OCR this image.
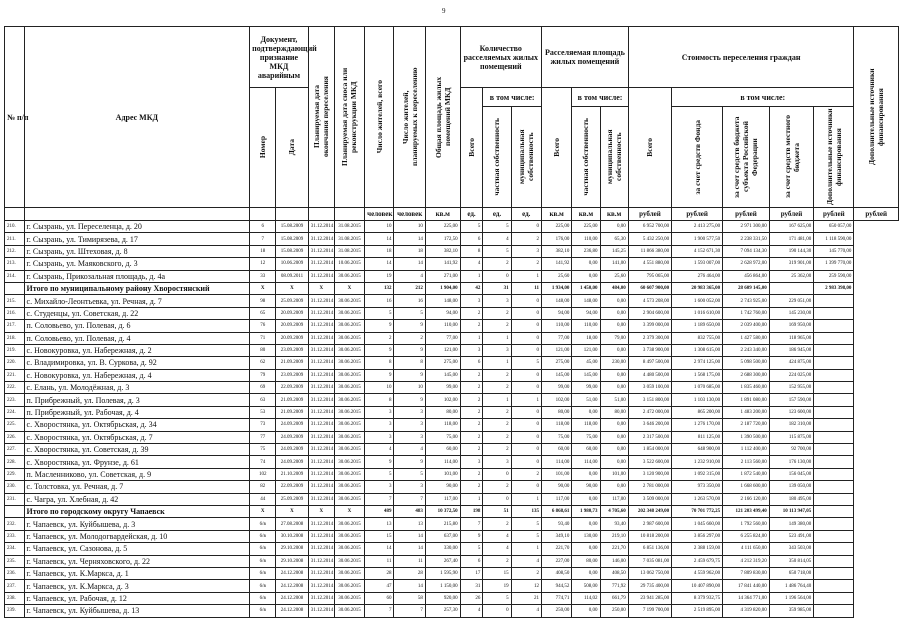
9
№ п/п	Адрес МКД	Документ, подтверждающий признание МКД аварийным		Планируемая дата окончания переселения	Планируемая дата сноса или реконструкции МКД	Число жителей, всего	Число жителей, планируемых к переселению	Общая площадь жилых помещений МКД	Количество расселяемых жилых помещений			Расселяемая площадь жилых помещений			Стоимость переселения граждан					Дополнительные источники финансирования

		Номер	Дата						Всего	в том числе:		Всего	в том числе:		Всего	в том числе:				

										частная собственность	муниципальная собственность		частная собственность	муниципальная собственность		за счет средств Фонда	за счет средств бюджета субъекта Российской Федерации	за счет средств местного бюджета	Дополнительные источники финансирования	

						человек	человек	кв.м	ед.	ед.	ед.	кв.м	кв.м	кв.м	рублей	рублей	рублей	рублей	рублей	рублей
210.	г. Сызрань, ул. Переселенца, д. 20	6	15.08.2009	31.12.2014	31.08.2015	10	10	225,00	5	5	0	225,00	225,00	0,00	6 952 700,00	2 413 275,00	2 971 300,00	167 625,00	650 057,00	
211.	г. Сызрань, ул. Тимирязева, д. 17	7	15.08.2009	31.12.2014	31.08.2015	14	14	172,50	6	4	2	176,00	110,00	65,30	5 432 250,00	1 900 577,50	2 238 331,50	171 481,00	1 118 590,00	
212.	г. Сызрань, ул. Штеховая, д. 8	18	15.08.2009	31.12.2014	31.08.2015	18	18	382,10	8	5	3	382,10	236,80	145,25	11 866 380,00	4 152 671,30	7 094 134,30	190 144,30	145 770,00	
213.	г. Сызрань, ул. Маяковского, д. 3	12	10.06.2009	31.12.2014	10.06.2015	14	14	141,92	4	2	2	141,92	0,00	141,00	4 551 880,00	1 593 007,00	2 628 972,00	319 901,00	1 399 770,00	
214.	г. Сызрань, Прикозальная площадь, д. 4а	33	08.09.2011	31.12.2014	30.06.2015	19	4	271,00	1	0	1	25,60	0,00	25,60	795 065,00	276 464,00	456 864,00	25 362,00	259 590,00	
	Итого по муниципальному району Хворостянский	X	X	X	X	132	212	1 904,00	42	31	11	1 934,00	1 450,00	484,00	60 607 900,00	20 983 365,00	28 609 145,00		2 983 398,00	
215.	с. Михайло-Леонтьевка, ул. Речная, д. 7	98	25.09.2009	31.12.2014	30.06.2015	16	16	148,00	3	3	0	148,00	148,00	0,00	4 573 208,00	1 600 052,00	2 743 925,00	229 051,00		
216.	с. Студенцы, ул. Советская, д. 22	65	20.09.2009	31.12.2014	30.06.2015	5	5	94,00	2	2	0	94,00	94,00	0,00	2 904 600,00	1 016 610,00	1 742 760,00	145 230,00		
217.	п. Соловьево, ул. Полевая, д. 6	76	20.09.2009	31.12.2014	30.06.2015	9	9	110,00	2	2	0	110,00	110,00	0,00	3 399 000,00	1 189 650,00	2 039 400,00	169 950,00		
218.	п. Соловьево, ул. Полевая, д. 4	71	20.09.2009	31.12.2014	30.06.2015	2	2	77,00	1	1	0	77,00	18,00	79,00	2 379 300,00	832 755,00	1 427 580,00	118 965,00		
219.	с. Новокуровка, ул. Набережная, д. 2	80	23.09.2009	31.12.2014	30.06.2015	9	9	121,00	3	3	0	121,00	121,00	0,00	3 738 900,00	1 308 615,00	2 243 340,00	186 945,00		
220.	с. Владимировка, ул. В. Сурковa, д. 92	62	21.09.2009	31.12.2014	30.06.2015	8	8	275,00	6	1	5	275,00	45,00	230,00	8 497 500,00	2 974 125,00	5 098 500,00	424 875,00		
221.	с. Новокуровка, ул. Набережная, д. 4	79	23.09.2009	31.12.2014	30.06.2015	9	9	145,00	2	2	0	145,00	145,00	0,00	4 480 500,00	1 568 175,00	2 688 300,00	224 025,00		
222.	с. Елань, ул. Молодёжная, д. 3	69	22.09.2009	31.12.2014	30.06.2015	10	10	99,00	2	2	0	99,00	99,00	0,00	3 059 100,00	1 070 685,00	1 835 460,00	152 955,00		
223.	п. Прибрежный, ул. Полевая, д. 3	63	21.09.2009	31.12.2014	30.06.2015	8	9	102,00	2	1	1	102,00	51,00	51,00	3 151 800,00	1 103 130,00	1 891 080,00	157 590,00		
224.	п. Прибрежный, ул. Рабочая, д. 4	53	21.09.2009	31.12.2014	30.06.2015	3	3	80,00	2	2	0	80,00	0,00	80,00	2 472 000,00	865 200,00	1 483 200,00	123 600,00		
225.	с. Хворостянка, ул. Октябрьская, д. 34	73	24.09.2009	31.12.2014	30.06.2015	3	3	118,00	2	2	0	118,00	118,00	0,00	3 646 200,00	1 276 170,00	2 187 720,00	182 310,00		
226.	с. Хворостянка, ул. Октябрьская, д. 7	77	24.09.2009	31.12.2014	30.06.2015	3	3	75,00	2	2	0	75,00	75,00	0,00	2 317 500,00	811 125,00	1 390 500,00	115 875,00		
227.	с. Хворостянка, ул. Советская, д. 39	75	24.09.2009	31.12.2014	30.06.2015	4	4	60,00	2	2	0	60,00	60,00	0,00	1 854 000,00	648 900,00	1 112 400,00	92 700,00		
228.	с. Хворостянка, ул. Фрунзе, д. 61	74	24.09.2009	31.12.2014	30.06.2015	9	9	114,00	3	3	0	114,00	114,00	0,00	3 522 600,00	1 232 910,00	2 113 560,00	176 130,00		
229.	п. Масленниково, ул. Советская, д. 9	102	21.10.2009	31.12.2014	30.06.2015	5	5	101,00	2	0	2	101,00	0,00	101,00	3 120 900,00	1 092 315,00	1 872 540,00	156 045,00		
230.	с. Толстовка, ул. Речная, д. 7	82	22.09.2009	31.12.2014	30.06.2015	3	3	90,00	2	2	0	90,00	90,00	0,00	2 781 000,00	973 350,00	1 668 600,00	139 050,00		
231.	с. Чагра, ул. Хлебная, д. 42	44	25.09.2009	31.12.2014	30.06.2015	7	7	117,00	1	0	1	117,00	0,00	117,00	3 509 000,00	1 263 570,00	2 166 120,00	180 495,00		
	Итого по городскому округу Чапаевск	X	X	X	X	489	483	10 372,50	198	51	135	6 868,61	1 980,73	4 705,60	202 348 249,00	70 701 772,25	121 203 499,40	10 113 947,05		
232.	г. Чапаевск, ул. Куйбышева, д. 3	6/в	27.08.2008	31.12.2014	30.06.2015	13	13	215,80	7	2	5	93,40	0,00	93,40	2 987 600,00	1 045 660,00	1 792 560,00	149 380,00		
233.	г. Чапаевск, ул. Молодогвардейская, д. 10	6/в	30.10.2008	31.12.2014	30.06.2015	15	14	637,00	9	4	5	349,10	130,00	219,10	10 818 200,00	3 856 297,00	6 255 824,00	523 491,00		
234.	г. Чапаевск, ул. Сазонова, д. 5	6/в	29.10.2008	31.12.2014	30.06.2015	14	14	330,00	5	4	1	221,70	0,00	221,70	6 851 136,00	2 388 159,00	4 111 650,00	343 503,00		
235.	г. Чапаевск, ул. Черняховского, д. 22	6/в	29.10.2008	31.12.2014	30.06.2015	11	11	267,40	6	2	4	227,00	80,00	146,00	7 035 081,00	2 459 679,75	4 212 319,20	350 814,05		
236.	г. Чапаевск, ул. К.Маркса, д. 1	6/в	24.12.2008	31.12.2014	30.06.2015	28	28	1 595,90	17	15	2	408,50	0,00	408,50	13 062 750,00	4 559 962,00	7 809 830,00	650 718,00		
237.	г. Чапаевск, ул. К.Маркса, д. 3	6/в	24.12.2008	31.12.2014	30.06.2015	47	14	1 150,00	31	19	12	944,52	508,00	771,92	29 735 400,00	10 407 890,00	17 841 440,00	1 486 764,40		
238.	г. Чапаевск, ул. Рабочая, д. 12	6/в	24.12.2008	31.12.2014	30.06.2015	60	58	920,00	26	5	21	774,71	114,02	661,79	23 941 285,00	8 379 932,75	14 364 771,00	1 196 564,00		
239.	г. Чапаевск, ул. Куйбышева, д. 13	6/в	24.12.2008	31.12.2014	30.06.2015	7	7	257,30	4	0	4	250,00	0,00	250,00	7 199 700,00	2 519 895,00	4 319 820,00	359 985,00		
